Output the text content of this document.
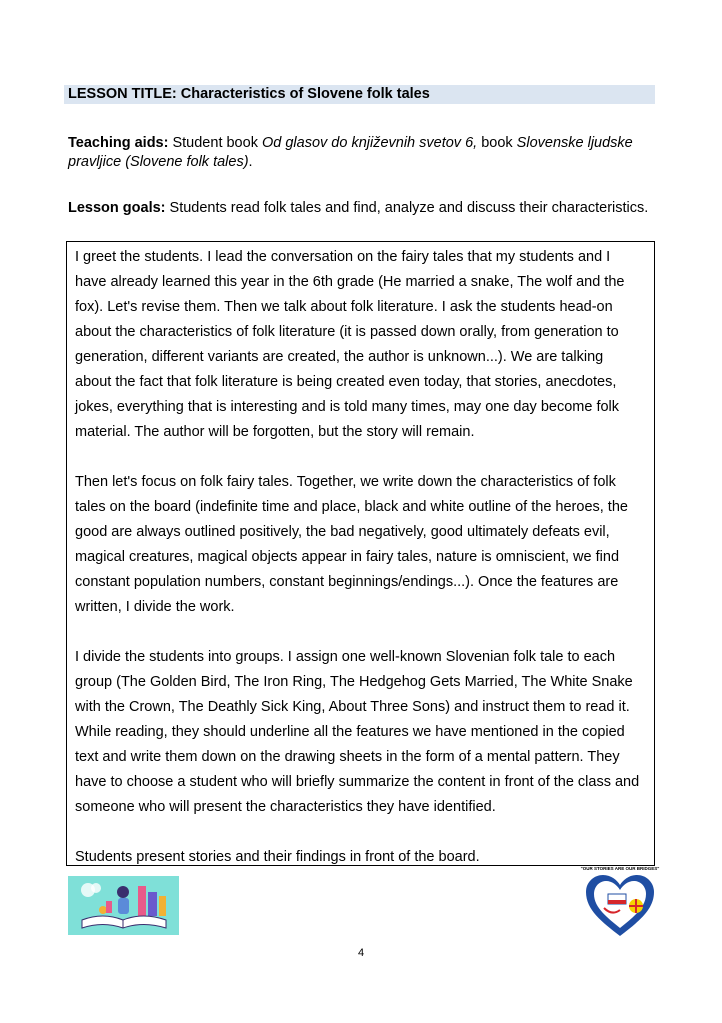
LESSON TITLE: Characteristics of Slovene folk tales
Teaching aids: Student book Od glasov do književnih svetov 6, book Slovenske ljudske pravljice (Slovene folk tales).
Lesson goals: Students read folk tales and find, analyze and discuss their characteristics.

I greet the students. I lead the conversation on the fairy tales that my students and I

have already learned this year in the 6th grade (He married a snake, The wolf and the

fox). Let's revise them. Then we talk about folk literature. I ask the students head-on

about the characteristics of folk literature (it is passed down orally, from generation to

generation, different variants are created, the author is unknown...). We are talking

about the fact that folk literature is being created even today, that stories, anecdotes,

jokes, everything that is interesting and is told many times, may one day become folk

material. The author will be forgotten, but the story will remain.

Then let's focus on folk fairy tales. Together, we write down the characteristics of folk

tales on the board (indefinite time and place, black and white outline of the heroes, the

good are always outlined positively, the bad negatively, good ultimately defeats evil,

magical creatures, magical objects appear in fairy tales, nature is omniscient, we find

constant population numbers, constant beginnings/endings...). Once the features are

written, I divide the work.

I divide the students into groups. I assign one well-known Slovenian folk tale to each

group (The Golden Bird, The Iron Ring, The Hedgehog Gets Married, The White Snake

with the Crown, The Deathly Sick King, About Three Sons) and instruct them to read it.

While reading, they should underline all the features we have mentioned in the copied

text and write them down on the drawing sheets in the form of a mental pattern. They

have to choose a student who will briefly summarize the content in front of the class and

someone who will present the characteristics they have identified.

Students present stories and their findings in front of the board.

"OUR STORIES ARE OUR BRIDGES"
4
